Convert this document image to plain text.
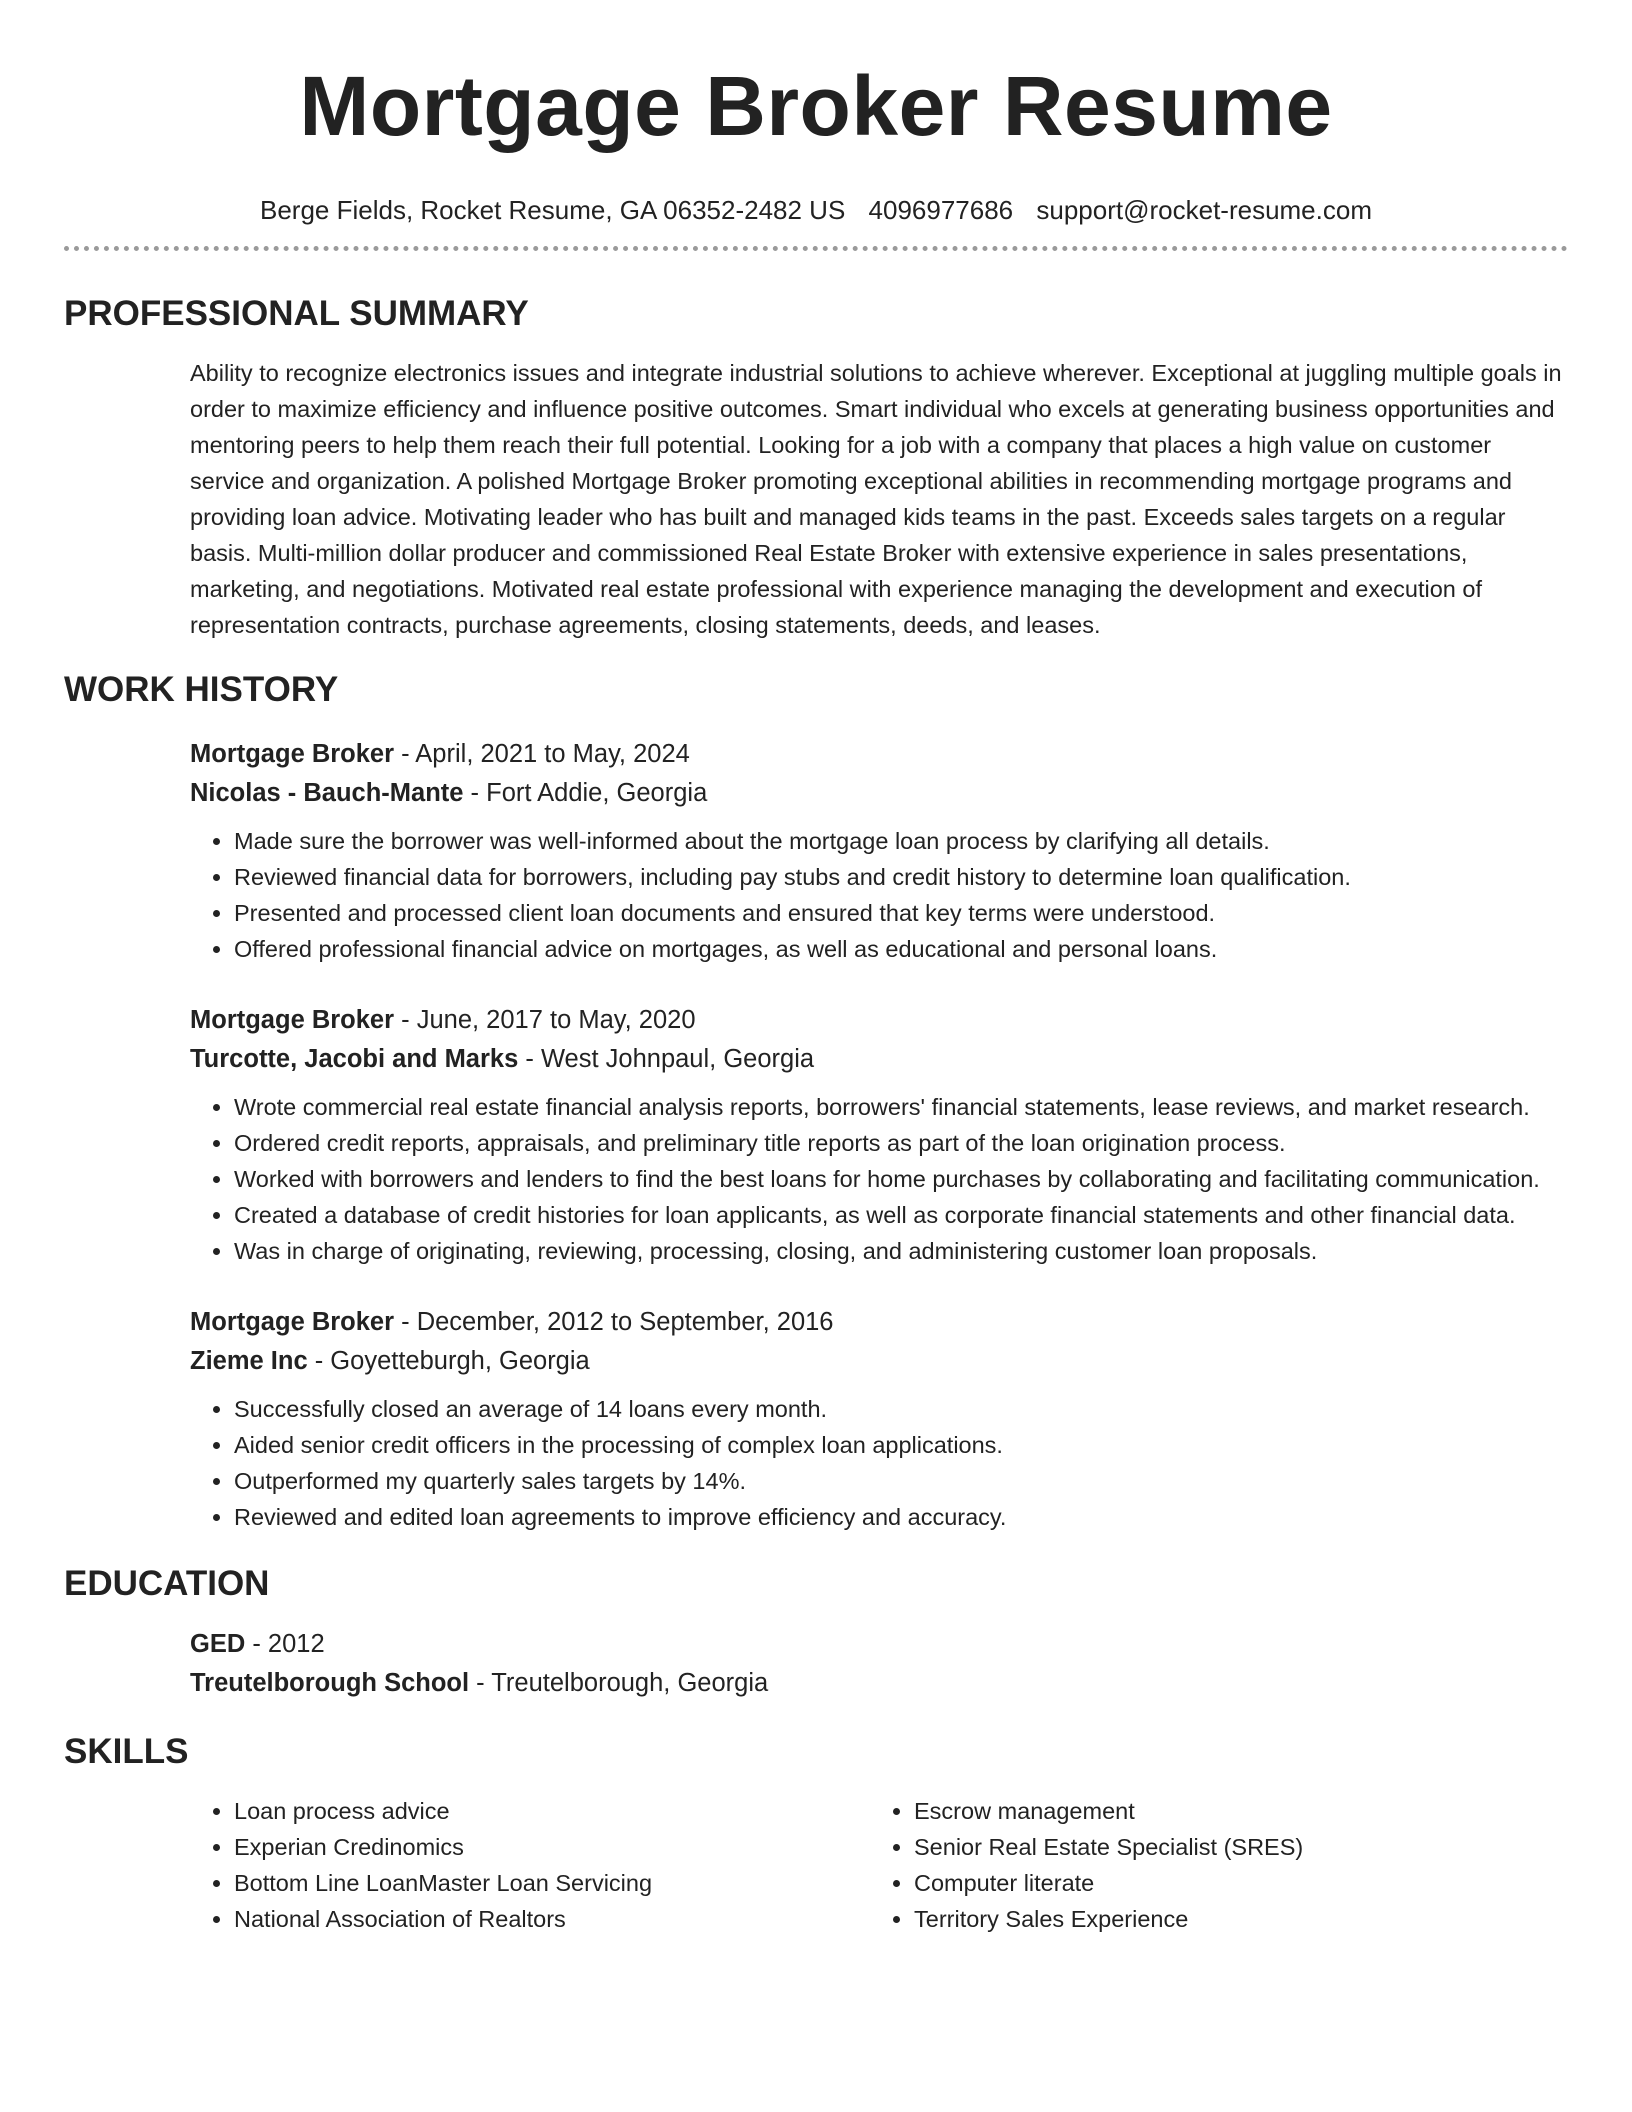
Mortgage Broker Resume
Berge Fields, Rocket Resume, GA 06352-2482 US 4096977686 support@rocket-resume.com
PROFESSIONAL SUMMARY

Ability to recognize electronics issues and integrate industrial solutions to achieve wherever. Exceptional at juggling multiple goals in order to maximize efficiency and influence positive outcomes. Smart individual who excels at generating business opportunities and mentoring peers to help them reach their full potential. Looking for a job with a company that places a high value on customer service and organization. A polished Mortgage Broker promoting exceptional abilities in recommending mortgage programs and providing loan advice. Motivating leader who has built and managed kids teams in the past. Exceeds sales targets on a regular basis. Multi-million dollar producer and commissioned Real Estate Broker with extensive experience in sales presentations, marketing, and negotiations. Motivated real estate professional with experience managing the development and execution of representation contracts, purchase agreements, closing statements, deeds, and leases.

WORK HISTORY
Mortgage Broker - April, 2021 to May, 2024
Nicolas - Bauch-Mante - Fort Addie, Georgia
• Made sure the borrower was well-informed about the mortgage loan process by clarifying all details.
• Reviewed financial data for borrowers, including pay stubs and credit history to determine loan qualification.
• Presented and processed client loan documents and ensured that key terms were understood.
• Offered professional financial advice on mortgages, as well as educational and personal loans.
Mortgage Broker - June, 2017 to May, 2020
Turcotte, Jacobi and Marks - West Johnpaul, Georgia
• Wrote commercial real estate financial analysis reports, borrowers' financial statements, lease reviews, and market research.
• Ordered credit reports, appraisals, and preliminary title reports as part of the loan origination process.
• Worked with borrowers and lenders to find the best loans for home purchases by collaborating and facilitating communication.
• Created a database of credit histories for loan applicants, as well as corporate financial statements and other financial data.
• Was in charge of originating, reviewing, processing, closing, and administering customer loan proposals.
Mortgage Broker - December, 2012 to September, 2016
Zieme Inc - Goyetteburgh, Georgia
• Successfully closed an average of 14 loans every month.
• Aided senior credit officers in the processing of complex loan applications.
• Outperformed my quarterly sales targets by 14%.
• Reviewed and edited loan agreements to improve efficiency and accuracy.
EDUCATION
GED - 2012
Treutelborough School - Treutelborough, Georgia
SKILLS
• Loan process advice
• Experian Credinomics
• Bottom Line LoanMaster Loan Servicing
• National Association of Realtors
• Escrow management
• Senior Real Estate Specialist (SRES)
• Computer literate
• Territory Sales Experience
